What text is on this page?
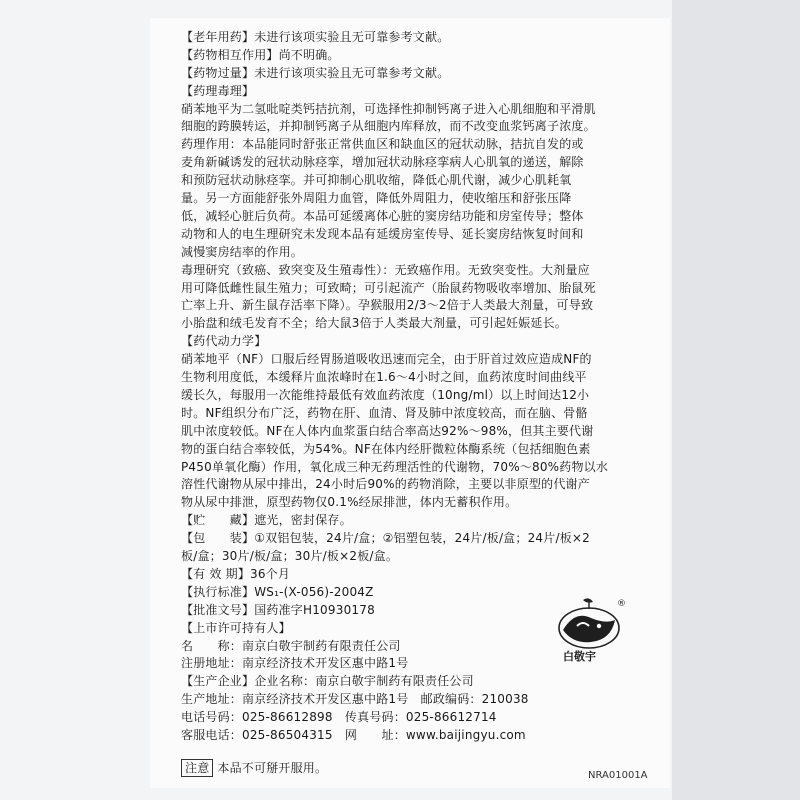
【老年用药】未进行该项实验且无可靠参考文献。
【药物相互作用】尚不明确。
【药物过量】未进行该项实验且无可靠参考文献。
【药理毒理】
硝苯地平为二氢吡啶类钙拮抗剂，可选择性抑制钙离子进入心肌细胞和平滑肌
细胞的跨膜转运，并抑制钙离子从细胞内库释放，而不改变血浆钙离子浓度。
药理作用：本品能同时舒张正常供血区和缺血区的冠状动脉，拮抗自发的或
麦角新碱诱发的冠状动脉痉挛，增加冠状动脉痉挛病人心肌氧的递送，解除
和预防冠状动脉痉挛。并可抑制心肌收缩，降低心肌代谢，减少心肌耗氧
量。另一方面能舒张外周阻力血管，降低外周阻力，使收缩压和舒张压降
低，减轻心脏后负荷。本品可延缓离体心脏的窦房结功能和房室传导；整体
动物和人的电生理研究未发现本品有延缓房室传导、延长窦房结恢复时间和
减慢窦房结率的作用。
毒理研究（致癌、致突变及生殖毒性）：无致癌作用。无致突变性。大剂量应
用可降低雌性鼠生殖力；可致畸；可引起流产（胎鼠药物吸收率增加、胎鼠死
亡率上升、新生鼠存活率下降）。孕猴服用2/3～2倍于人类最大剂量，可导致
小胎盘和绒毛发育不全；给大鼠3倍于人类最大剂量，可引起妊娠延长。
【药代动力学】
硝苯地平（NF）口服后经胃肠道吸收迅速而完全，由于肝首过效应造成NF的
生物利用度低，本缓释片血浓峰时在1.6～4小时之间，血药浓度时间曲线平
缓长久，每服用一次能维持最低有效血药浓度（10ng/ml）以上时间达12小
时。NF组织分布广泛，药物在肝、血清、肾及肺中浓度较高，而在脑、骨骼
肌中浓度较低。NF在人体内血浆蛋白结合率高达92%～98%，但其主要代谢
物的蛋白结合率较低，为54%。NF在体内经肝微粒体酶系统（包括细胞色素
P450单氧化酶）作用，氧化成三种无药理活性的代谢物，70%～80%药物以水
溶性代谢物从尿中排出，24小时后90%的药物消除，主要以非原型的代谢产
物从尿中排泄，原型药物仅0.1%经尿排泄，体内无蓄积作用。
【贮　　藏】遮光，密封保存。
【包　　装】①双铝包装，24片/盒；②铝塑包装，24片/板/盒；24片/板×2
板/盒；30片/板/盒；30片/板×2板/盒。
【有 效 期】36个月
【执行标准】WS₁-(X-056)-2004Z
【批准文号】国药准字H10930178
【上市许可持有人】
名　　称：南京白敬宇制药有限责任公司
注册地址：南京经济技术开发区惠中路1号
【生产企业】企业名称：南京白敬宇制药有限责任公司
生产地址：南京经济技术开发区惠中路1号　邮政编码：210038
电话号码：025-86612898　传真号码：025-86612714
客服电话：025-86504315　网　　址：www.baijingyu.com
®
白敬宇
注意 本品不可掰开服用。
NRA01001A
